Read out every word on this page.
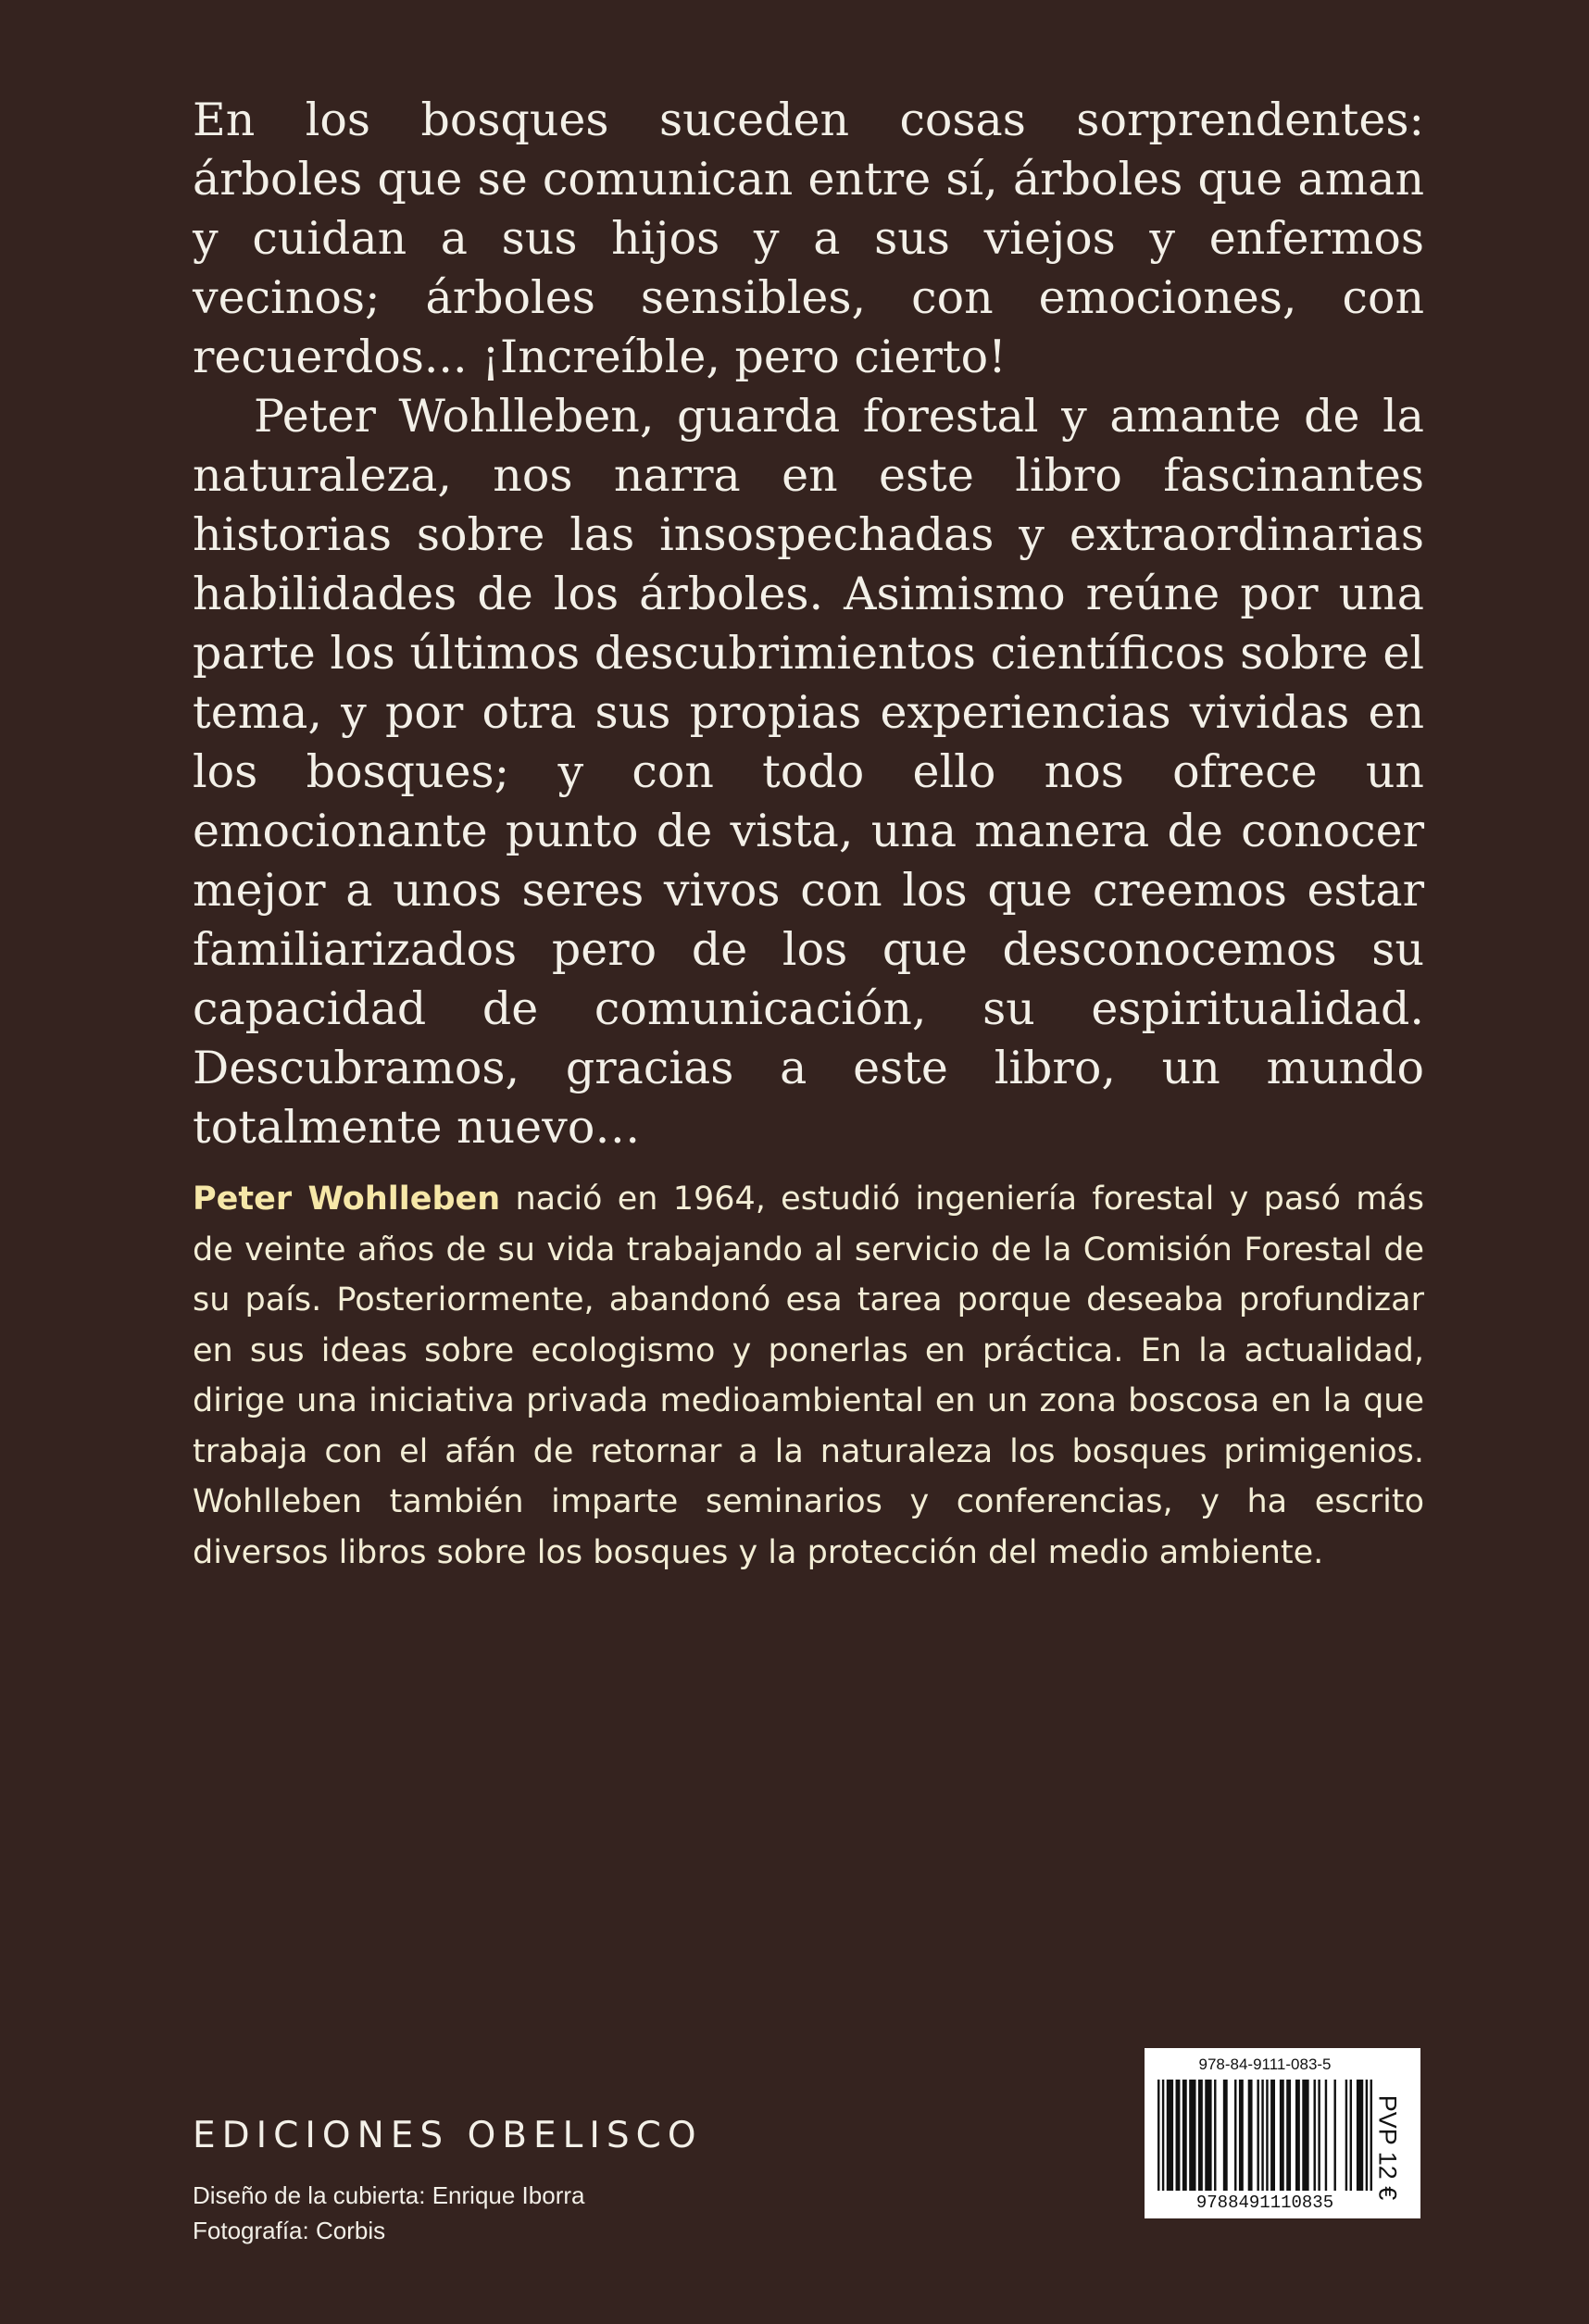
En los bosques suceden cosas sorprendentes: árboles que se comunican entre sí, árboles que aman y cuidan a sus hijos y a sus viejos y enfermos vecinos; árboles sensibles, con emociones, con recuerdos... ¡Increíble, pero cierto!

Peter Wohlleben, guarda forestal y amante de la naturaleza, nos narra en este libro fascinantes historias sobre las insospechadas y extraordinarias habilidades de los árboles. Asimismo reúne por una parte los últimos descubrimientos científicos sobre el tema, y por otra sus propias experiencias vividas en los bosques; y con todo ello nos ofrece un emocionante punto de vista, una manera de conocer mejor a unos seres vivos con los que creemos estar familiarizados pero de los que desconocemos su capacidad de comunicación, su espiritualidad. Descubramos, gracias a este libro, un mundo totalmente nuevo…

Peter Wohlleben nació en 1964, estudió ingeniería forestal y pasó más de veinte años de su vida trabajando al servicio de la Comisión Forestal de su país. Posteriormente, abandonó esa tarea porque deseaba profundizar en sus ideas sobre ecologismo y ponerlas en práctica. En la actualidad, dirige una iniciativa privada medioambiental en un zona boscosa en la que trabaja con el afán de retornar a la naturaleza los bosques primigenios. Wohlleben también imparte seminarios y conferencias, y ha escrito diversos libros sobre los bosques y la protección del medio ambiente.

EDICIONES OBELISCO
Diseño de la cubierta: Enrique Iborra
Fotografía: Corbis
978-84-9111-083-5
9788491110835
PVP 12 €
